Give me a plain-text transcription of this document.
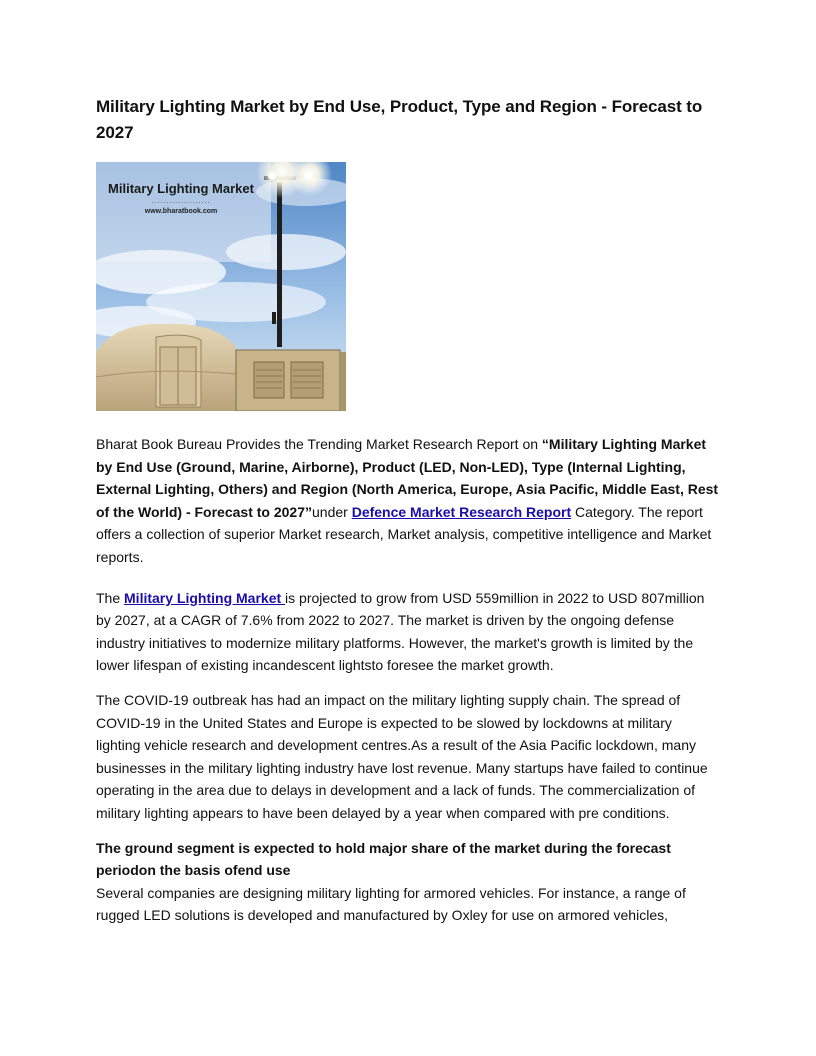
Military Lighting Market by End Use, Product, Type and Region - Forecast to 2027
Military Lighting Market
....................
www.bharatbook.com

Bharat Book Bureau Provides the Trending Market Research Report on “Military Lighting Market by End Use (Ground, Marine, Airborne), Product (LED, Non-LED), Type (Internal Lighting, External Lighting, Others) and Region (North America, Europe, Asia Pacific, Middle East, Rest of the World) - Forecast to 2027”under Defence Market Research Report Category. The report offers a collection of superior Market research, Market analysis, competitive intelligence and Market reports.

The Military Lighting Market is projected to grow from USD 559million in 2022 to USD 807million by 2027, at a CAGR of 7.6% from 2022 to 2027. The market is driven by the ongoing defense industry initiatives to modernize military platforms. However, the market's growth is limited by the lower lifespan of existing incandescent lightsto foresee the market growth.

The COVID-19 outbreak has had an impact on the military lighting supply chain. The spread of COVID-19 in the United States and Europe is expected to be slowed by lockdowns at military lighting vehicle research and development centres.As a result of the Asia Pacific lockdown, many businesses in the military lighting industry have lost revenue. Many startups have failed to continue operating in the area due to delays in development and a lack of funds. The commercialization of military lighting appears to have been delayed by a year when compared with pre conditions.

The ground segment is expected to hold major share of the market during the forecast periodon the basis ofend use
Several companies are designing military lighting for armored vehicles. For instance, a range of rugged LED solutions is developed and manufactured by Oxley for use on armored vehicles,
